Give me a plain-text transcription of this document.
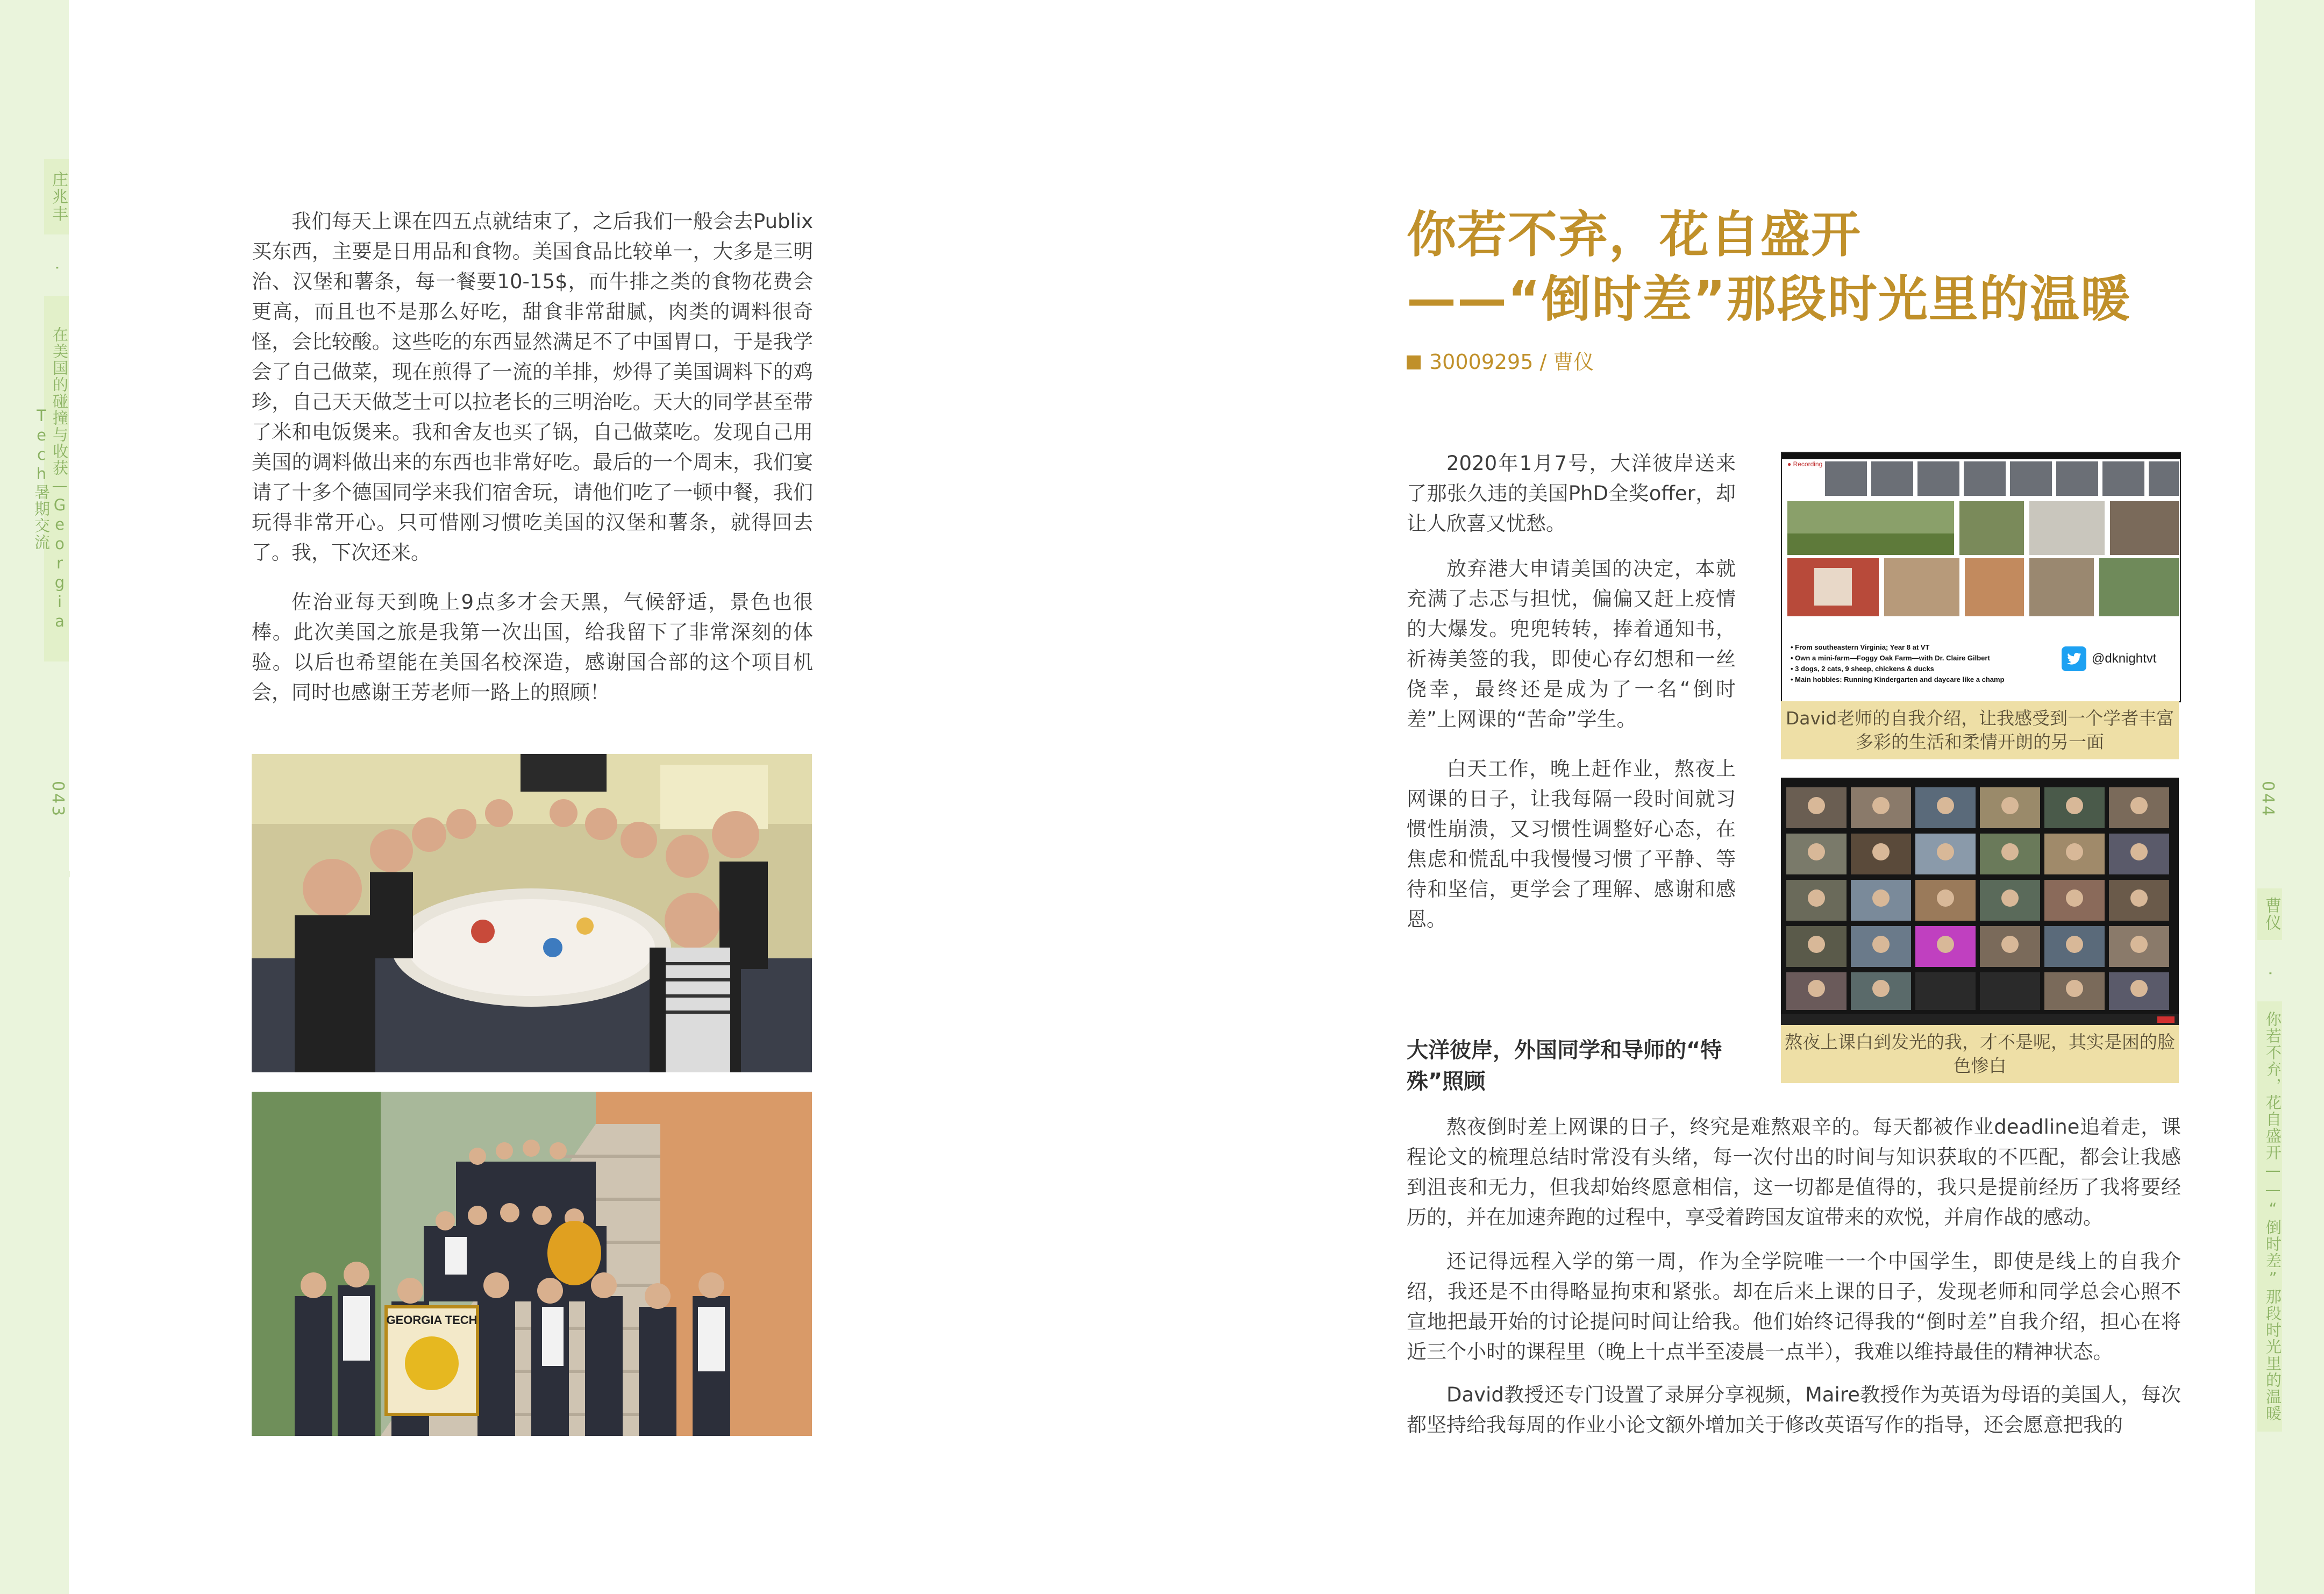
庄兆丰
·
在美国的碰撞与收获—Georgia Tech暑期交流
043

我们每天上课在四五点就结束了，之后我们一般会去Publix买东西，主要是日用品和食物。美国食品比较单一，大多是三明治、汉堡和薯条，每一餐要10-15$，而牛排之类的食物花费会更高，而且也不是那么好吃，甜食非常甜腻，肉类的调料很奇怪，会比较酸。这些吃的东西显然满足不了中国胃口，于是我学会了自己做菜，现在煎得了一流的羊排，炒得了美国调料下的鸡珍，自己天天做芝士可以拉老长的三明治吃。天大的同学甚至带了米和电饭煲来。我和舍友也买了锅，自己做菜吃。发现自己用美国的调料做出来的东西也非常好吃。最后的一个周末，我们宴请了十多个德国同学来我们宿舍玩，请他们吃了一顿中餐，我们玩得非常开心。只可惜刚习惯吃美国的汉堡和薯条，就得回去了。我，下次还来。

佐治亚每天到晚上9点多才会天黑，气候舒适，景色也很棒。此次美国之旅是我第一次出国，给我留下了非常深刻的体验。以后也希望能在美国名校深造，感谢国合部的这个项目机会，同时也感谢王芳老师一路上的照顾！

GEORGIA TECH
你若不弃，花自盛开
——“倒时差”那段时光里的温暖
30009295 / 曹仪

2020年1月7号，大洋彼岸送来了那张久违的美国PhD全奖offer，却让人欣喜又忧愁。

放弃港大申请美国的决定，本就充满了忐忑与担忧，偏偏又赶上疫情的大爆发。兜兜转转，捧着通知书，祈祷美签的我，即使心存幻想和一丝侥幸，最终还是成为了一名“倒时差”上网课的“苦命”学生。

白天工作，晚上赶作业，熬夜上网课的日子，让我每隔一段时间就习惯性崩溃，又习惯性调整好心态，在焦虑和慌乱中我慢慢习惯了平静、等待和坚信，更学会了理解、感谢和感恩。

● Recording
• From southeastern Virginia; Year 8 at VT
• Own a mini-farm—Foggy Oak Farm—with Dr. Claire Gilbert
• 3 dogs, 2 cats, 9 sheep, chickens & ducks
• Main hobbies: Running Kindergarten and daycare like a champ
@dknightvt
David老师的自我介绍，让我感受到一个学者丰富多彩的生活和柔情开朗的另一面
熬夜上课白到发光的我，才不是呢，其实是困的脸色惨白
大洋彼岸，外国同学和导师的“特殊”照顾

熬夜倒时差上网课的日子，终究是难熬艰辛的。每天都被作业deadline追着走，课程论文的梳理总结时常没有头绪，每一次付出的时间与知识获取的不匹配，都会让我感到沮丧和无力，但我却始终愿意相信，这一切都是值得的，我只是提前经历了我将要经历的，并在加速奔跑的过程中，享受着跨国友谊带来的欢悦，并肩作战的感动。

还记得远程入学的第一周，作为全学院唯一一个中国学生，即使是线上的自我介绍，我还是不由得略显拘束和紧张。却在后来上课的日子，发现老师和同学总会心照不宣地把最开始的讨论提问时间让给我。他们始终记得我的“倒时差”自我介绍，担心在将近三个小时的课程里（晚上十点半至凌晨一点半），我难以维持最佳的精神状态。

David教授还专门设置了录屏分享视频，Maire教授作为英语为母语的美国人，每次都坚持给我每周的作业小论文额外增加关于修改英语写作的指导，还会愿意把我的

044
曹仪
·
你若不弃，花自盛开——“倒时差”那段时光里的温暖
